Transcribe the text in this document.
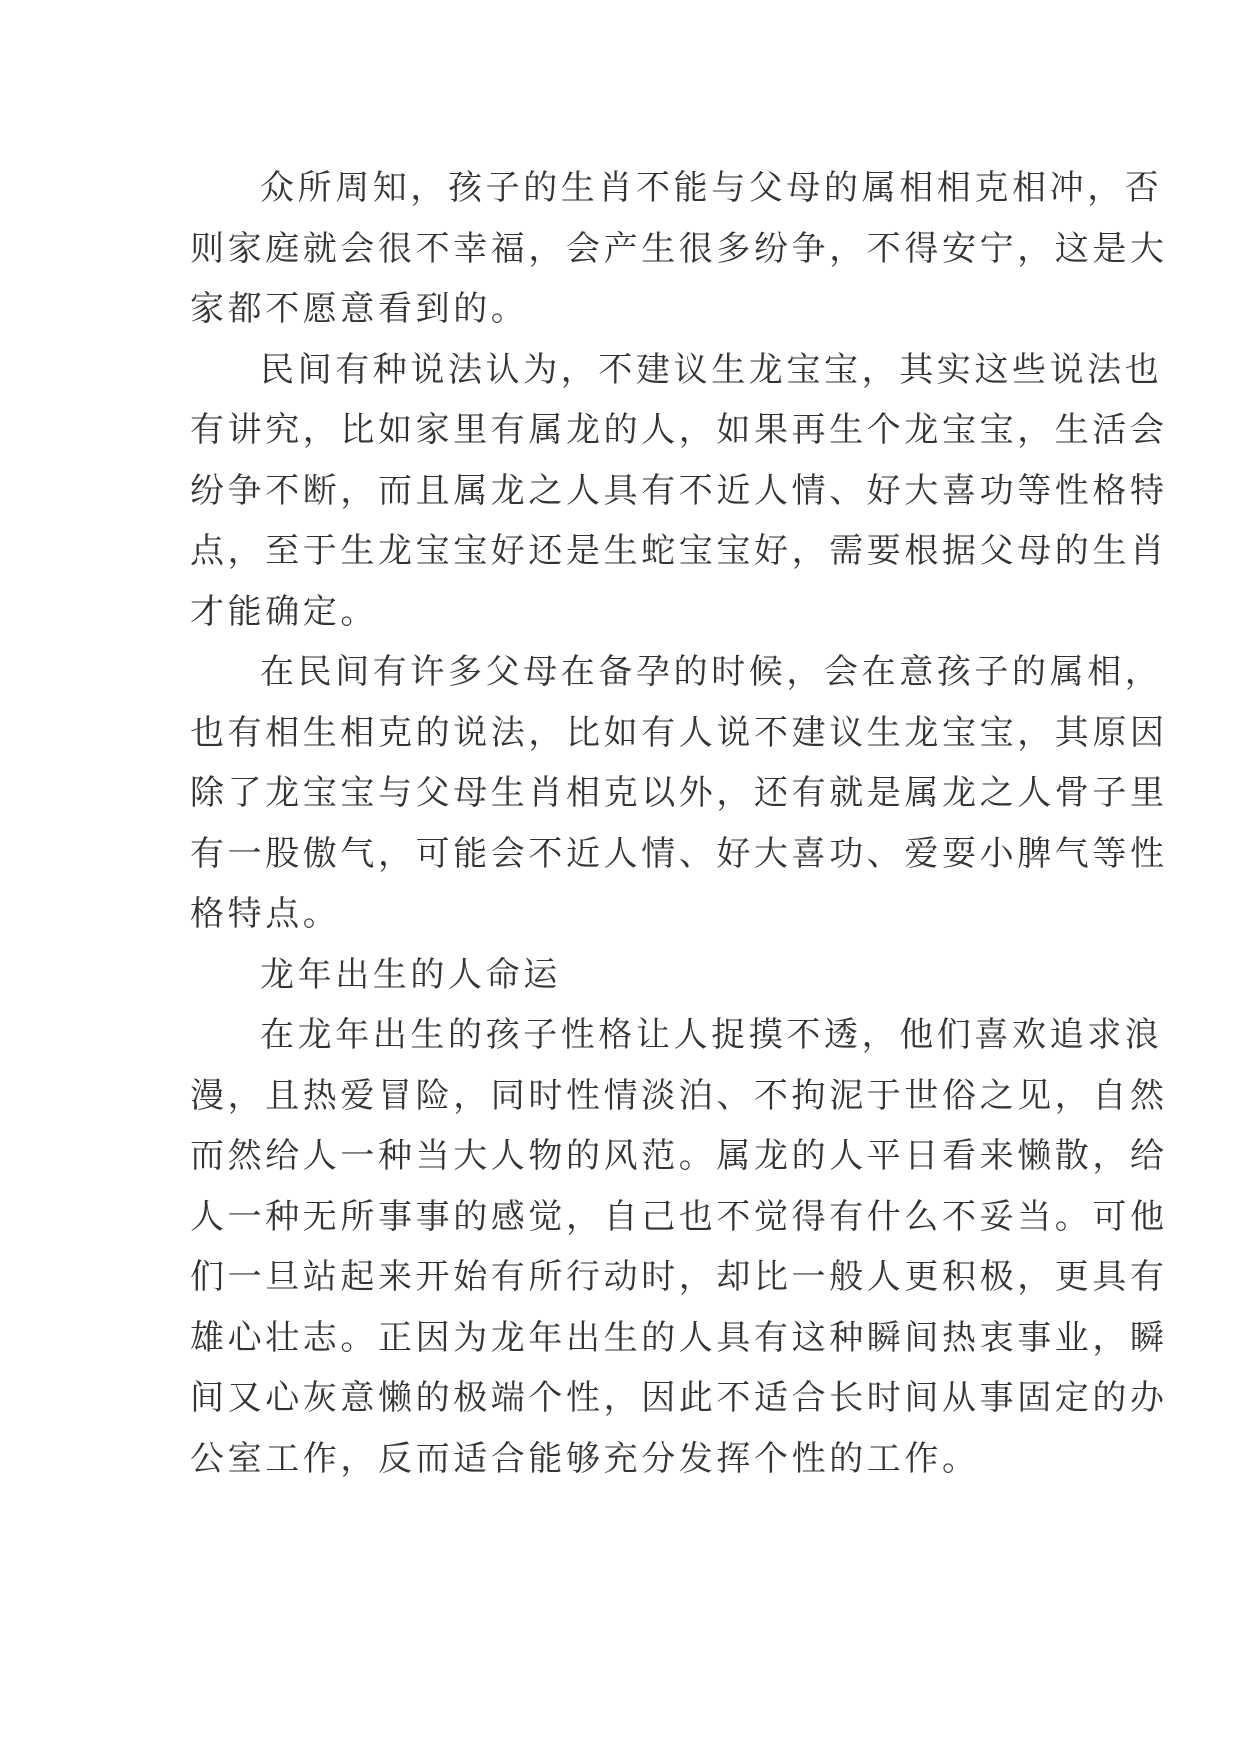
众所周知，孩子的生肖不能与父母的属相相克相冲，否
则家庭就会很不幸福，会产生很多纷争，不得安宁，这是大
家都不愿意看到的。

民间有种说法认为，不建议生龙宝宝，其实这些说法也
有讲究，比如家里有属龙的人，如果再生个龙宝宝，生活会
纷争不断，而且属龙之人具有不近人情、好大喜功等性格特
点，至于生龙宝宝好还是生蛇宝宝好，需要根据父母的生肖
才能确定。

在民间有许多父母在备孕的时候，会在意孩子的属相，
也有相生相克的说法，比如有人说不建议生龙宝宝，其原因
除了龙宝宝与父母生肖相克以外，还有就是属龙之人骨子里
有一股傲气，可能会不近人情、好大喜功、爱耍小脾气等性
格特点。

龙年出生的人命运

在龙年出生的孩子性格让人捉摸不透，他们喜欢追求浪
漫，且热爱冒险，同时性情淡泊、不拘泥于世俗之见，自然
而然给人一种当大人物的风范。属龙的人平日看来懒散，给
人一种无所事事的感觉，自己也不觉得有什么不妥当。可他
们一旦站起来开始有所行动时，却比一般人更积极，更具有
雄心壮志。正因为龙年出生的人具有这种瞬间热衷事业，瞬
间又心灰意懒的极端个性，因此不适合长时间从事固定的办
公室工作，反而适合能够充分发挥个性的工作。
